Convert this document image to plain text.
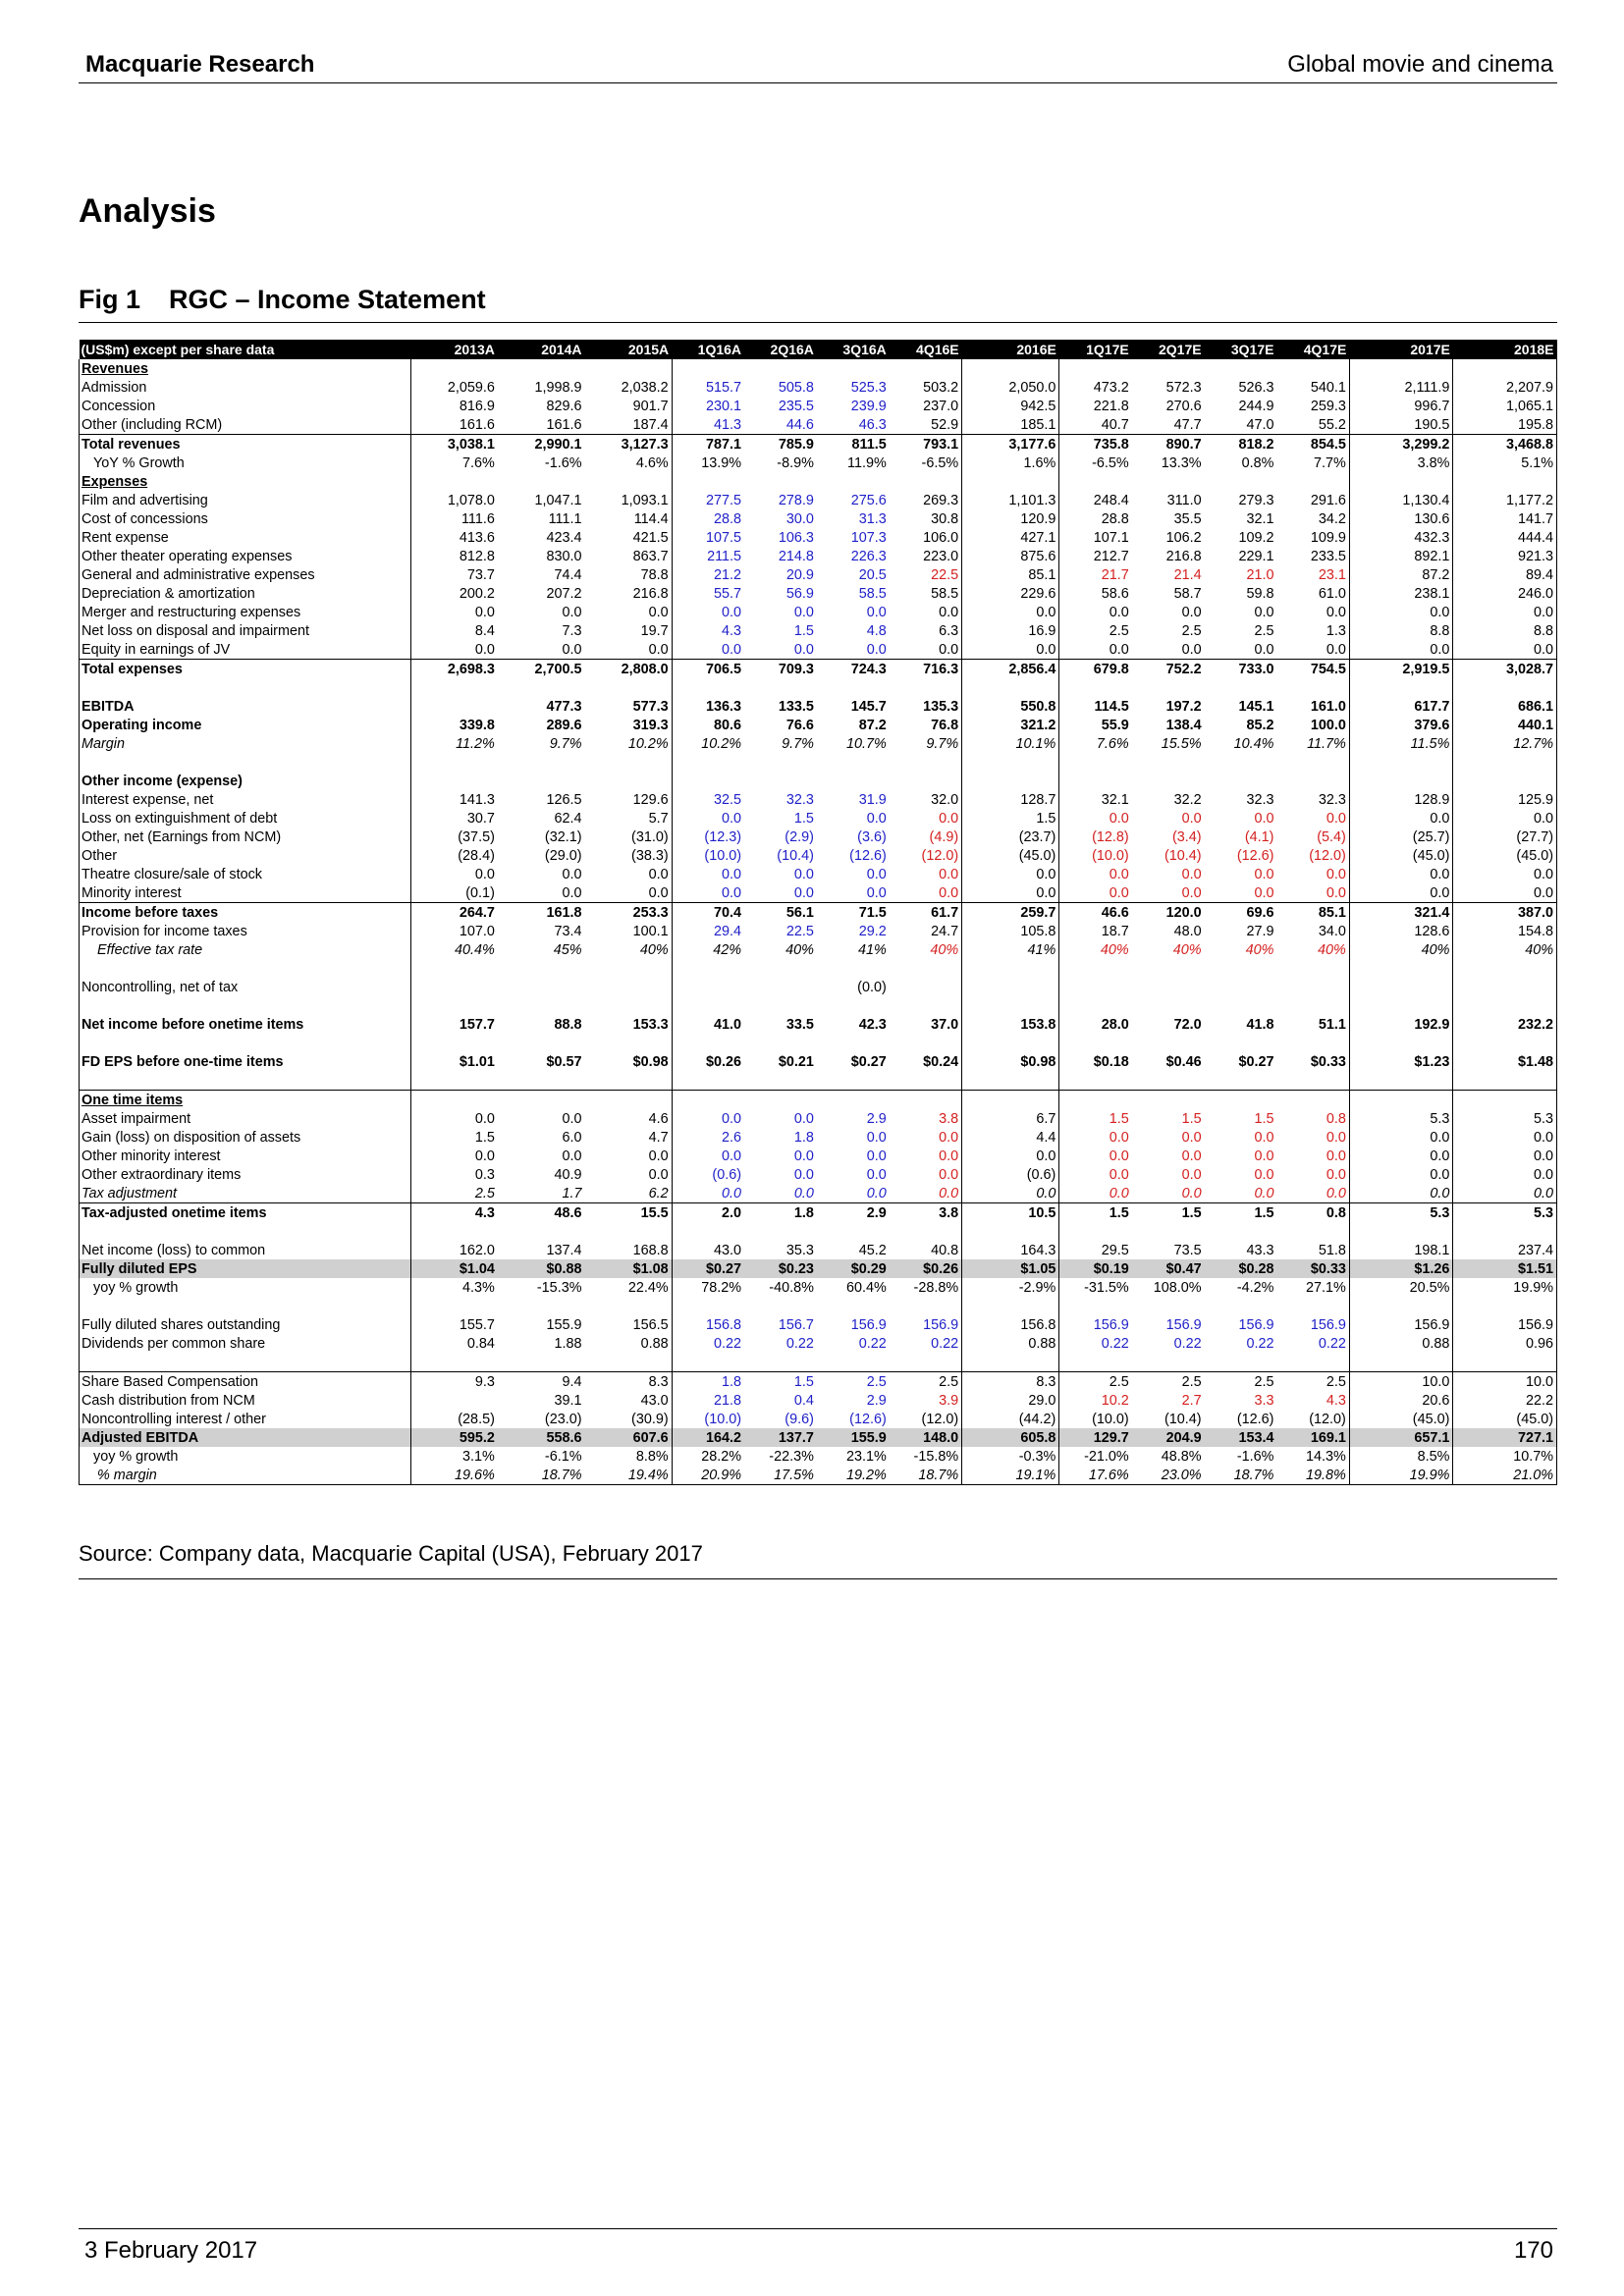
Macquarie Research	Global movie and cinema
Analysis
Fig 1 RGC – Income Statement
(US$m) except per share data	2013A	2014A	2015A	1Q16A	2Q16A	3Q16A	4Q16E	2016E	1Q17E	2Q17E	3Q17E	4Q17E	2017E	2018E
Revenues														
Admission	2,059.6	1,998.9	2,038.2	515.7	505.8	525.3	503.2	2,050.0	473.2	572.3	526.3	540.1	2,111.9	2,207.9
Concession	816.9	829.6	901.7	230.1	235.5	239.9	237.0	942.5	221.8	270.6	244.9	259.3	996.7	1,065.1
Other (including RCM)	161.6	161.6	187.4	41.3	44.6	46.3	52.9	185.1	40.7	47.7	47.0	55.2	190.5	195.8
Total revenues	3,038.1	2,990.1	3,127.3	787.1	785.9	811.5	793.1	3,177.6	735.8	890.7	818.2	854.5	3,299.2	3,468.8
YoY % Growth	7.6%	-1.6%	4.6%	13.9%	-8.9%	11.9%	-6.5%	1.6%	-6.5%	13.3%	0.8%	7.7%	3.8%	5.1%
Expenses														
Film and advertising	1,078.0	1,047.1	1,093.1	277.5	278.9	275.6	269.3	1,101.3	248.4	311.0	279.3	291.6	1,130.4	1,177.2
Cost of concessions	111.6	111.1	114.4	28.8	30.0	31.3	30.8	120.9	28.8	35.5	32.1	34.2	130.6	141.7
Rent expense	413.6	423.4	421.5	107.5	106.3	107.3	106.0	427.1	107.1	106.2	109.2	109.9	432.3	444.4
Other theater operating expenses	812.8	830.0	863.7	211.5	214.8	226.3	223.0	875.6	212.7	216.8	229.1	233.5	892.1	921.3
General and administrative expenses	73.7	74.4	78.8	21.2	20.9	20.5	22.5	85.1	21.7	21.4	21.0	23.1	87.2	89.4
Depreciation & amortization	200.2	207.2	216.8	55.7	56.9	58.5	58.5	229.6	58.6	58.7	59.8	61.0	238.1	246.0
Merger and restructuring expenses	0.0	0.0	0.0	0.0	0.0	0.0	0.0	0.0	0.0	0.0	0.0	0.0	0.0	0.0
Net loss on disposal and impairment	8.4	7.3	19.7	4.3	1.5	4.8	6.3	16.9	2.5	2.5	2.5	1.3	8.8	8.8
Equity in earnings of JV	0.0	0.0	0.0	0.0	0.0	0.0	0.0	0.0	0.0	0.0	0.0	0.0	0.0	0.0
Total expenses	2,698.3	2,700.5	2,808.0	706.5	709.3	724.3	716.3	2,856.4	679.8	752.2	733.0	754.5	2,919.5	3,028.7

EBITDA		477.3	577.3	136.3	133.5	145.7	135.3	550.8	114.5	197.2	145.1	161.0	617.7	686.1
Operating income	339.8	289.6	319.3	80.6	76.6	87.2	76.8	321.2	55.9	138.4	85.2	100.0	379.6	440.1
Margin	11.2%	9.7%	10.2%	10.2%	9.7%	10.7%	9.7%	10.1%	7.6%	15.5%	10.4%	11.7%	11.5%	12.7%

Other income (expense)														
Interest expense, net	141.3	126.5	129.6	32.5	32.3	31.9	32.0	128.7	32.1	32.2	32.3	32.3	128.9	125.9
Loss on extinguishment of debt	30.7	62.4	5.7	0.0	1.5	0.0	0.0	1.5	0.0	0.0	0.0	0.0	0.0	0.0
Other, net (Earnings from NCM)	(37.5)	(32.1)	(31.0)	(12.3)	(2.9)	(3.6)	(4.9)	(23.7)	(12.8)	(3.4)	(4.1)	(5.4)	(25.7)	(27.7)
Other	(28.4)	(29.0)	(38.3)	(10.0)	(10.4)	(12.6)	(12.0)	(45.0)	(10.0)	(10.4)	(12.6)	(12.0)	(45.0)	(45.0)
Theatre closure/sale of stock	0.0	0.0	0.0	0.0	0.0	0.0	0.0	0.0	0.0	0.0	0.0	0.0	0.0	0.0
Minority interest	(0.1)	0.0	0.0	0.0	0.0	0.0	0.0	0.0	0.0	0.0	0.0	0.0	0.0	0.0
Income before taxes	264.7	161.8	253.3	70.4	56.1	71.5	61.7	259.7	46.6	120.0	69.6	85.1	321.4	387.0
Provision for income taxes	107.0	73.4	100.1	29.4	22.5	29.2	24.7	105.8	18.7	48.0	27.9	34.0	128.6	154.8
Effective tax rate	40.4%	45%	40%	42%	40%	41%	40%	41%	40%	40%	40%	40%	40%	40%

Noncontrolling, net of tax						(0.0)								

Net income before onetime items	157.7	88.8	153.3	41.0	33.5	42.3	37.0	153.8	28.0	72.0	41.8	51.1	192.9	232.2

FD EPS before one-time items	$1.01	$0.57	$0.98	$0.26	$0.21	$0.27	$0.24	$0.98	$0.18	$0.46	$0.27	$0.33	$1.23	$1.48

One time items														
Asset impairment	0.0	0.0	4.6	0.0	0.0	2.9	3.8	6.7	1.5	1.5	1.5	0.8	5.3	5.3
Gain (loss) on disposition of assets	1.5	6.0	4.7	2.6	1.8	0.0	0.0	4.4	0.0	0.0	0.0	0.0	0.0	0.0
Other minority interest	0.0	0.0	0.0	0.0	0.0	0.0	0.0	0.0	0.0	0.0	0.0	0.0	0.0	0.0
Other extraordinary items	0.3	40.9	0.0	(0.6)	0.0	0.0	0.0	(0.6)	0.0	0.0	0.0	0.0	0.0	0.0
Tax adjustment	2.5	1.7	6.2	0.0	0.0	0.0	0.0	0.0	0.0	0.0	0.0	0.0	0.0	0.0
Tax-adjusted onetime items	4.3	48.6	15.5	2.0	1.8	2.9	3.8	10.5	1.5	1.5	1.5	0.8	5.3	5.3

Net income (loss) to common	162.0	137.4	168.8	43.0	35.3	45.2	40.8	164.3	29.5	73.5	43.3	51.8	198.1	237.4
Fully diluted EPS	$1.04	$0.88	$1.08	$0.27	$0.23	$0.29	$0.26	$1.05	$0.19	$0.47	$0.28	$0.33	$1.26	$1.51
yoy % growth	4.3%	-15.3%	22.4%	78.2%	-40.8%	60.4%	-28.8%	-2.9%	-31.5%	108.0%	-4.2%	27.1%	20.5%	19.9%

Fully diluted shares outstanding	155.7	155.9	156.5	156.8	156.7	156.9	156.9	156.8	156.9	156.9	156.9	156.9	156.9	156.9
Dividends per common share	0.84	1.88	0.88	0.22	0.22	0.22	0.22	0.88	0.22	0.22	0.22	0.22	0.88	0.96

Share Based Compensation	9.3	9.4	8.3	1.8	1.5	2.5	2.5	8.3	2.5	2.5	2.5	2.5	10.0	10.0
Cash distribution from NCM		39.1	43.0	21.8	0.4	2.9	3.9	29.0	10.2	2.7	3.3	4.3	20.6	22.2
Noncontrolling interest / other	(28.5)	(23.0)	(30.9)	(10.0)	(9.6)	(12.6)	(12.0)	(44.2)	(10.0)	(10.4)	(12.6)	(12.0)	(45.0)	(45.0)
Adjusted EBITDA	595.2	558.6	607.6	164.2	137.7	155.9	148.0	605.8	129.7	204.9	153.4	169.1	657.1	727.1
yoy % growth	3.1%	-6.1%	8.8%	28.2%	-22.3%	23.1%	-15.8%	-0.3%	-21.0%	48.8%	-1.6%	14.3%	8.5%	10.7%
% margin	19.6%	18.7%	19.4%	20.9%	17.5%	19.2%	18.7%	19.1%	17.6%	23.0%	18.7%	19.8%	19.9%	21.0%
Source: Company data, Macquarie Capital (USA), February 2017
3 February 2017	170
